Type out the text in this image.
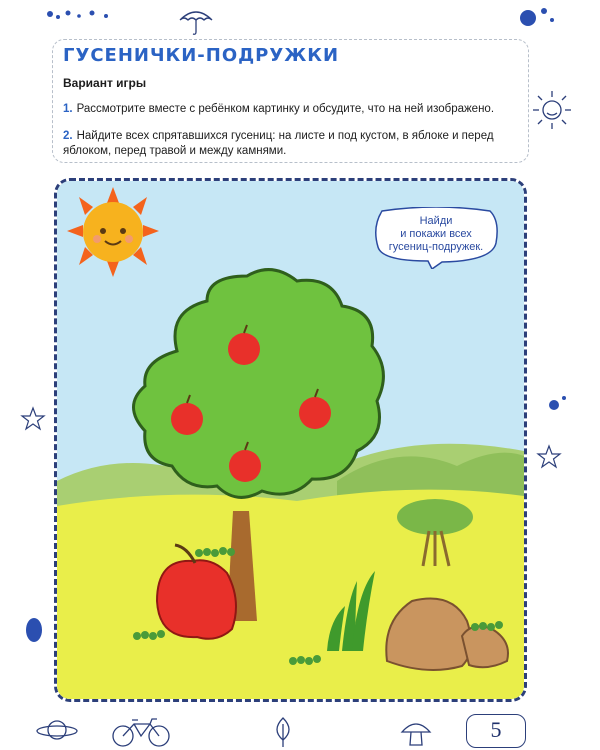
ГУСЕНИЧКИ-ПОДРУЖКИ
Вариант игры
1. Рассмотрите вместе с ребёнком картинку и обсудите, что на ней изображено.
2. Найдите всех спрятавшихся гусениц: на листе и под кустом, в яблоке и перед яблоком, перед травой и между камнями.
Найди
и покажи всех
гусениц-подружек.
5
